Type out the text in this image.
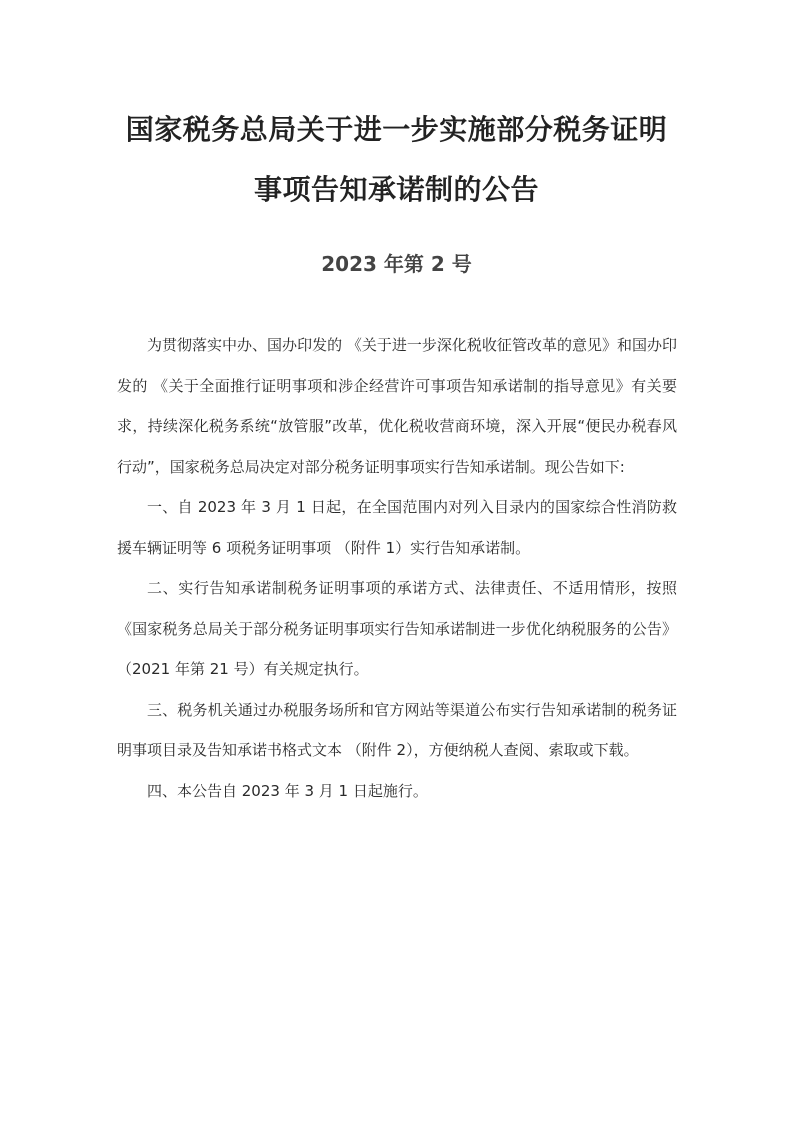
国家税务总局关于进一步实施部分税务证明
事项告知承诺制的公告
2023 年第 2 号

为贯彻落实中办、国办印发的 《关于进一步深化税收征管改革的意见》和国办印发的 《关于全面推行证明事项和涉企经营许可事项告知承诺制的指导意见》有关要求，持续深化税务系统“放管服”改革，优化税收营商环境，深入开展“便民办税春风行动”，国家税务总局决定对部分税务证明事项实行告知承诺制。现公告如下:

一、自 2023 年 3 月 1 日起，在全国范围内对列入目录内的国家综合性消防救援车辆证明等 6 项税务证明事项 （附件 1）实行告知承诺制。

二、实行告知承诺制税务证明事项的承诺方式、法律责任、不适用情形，按照 《国家税务总局关于部分税务证明事项实行告知承诺制进一步优化纳税服务的公告》 （2021 年第 21 号）有关规定执行。

三、税务机关通过办税服务场所和官方网站等渠道公布实行告知承诺制的税务证明事项目录及告知承诺书格式文本 （附件 2），方便纳税人查阅、索取或下载。

四、本公告自 2023 年 3 月 1 日起施行。
